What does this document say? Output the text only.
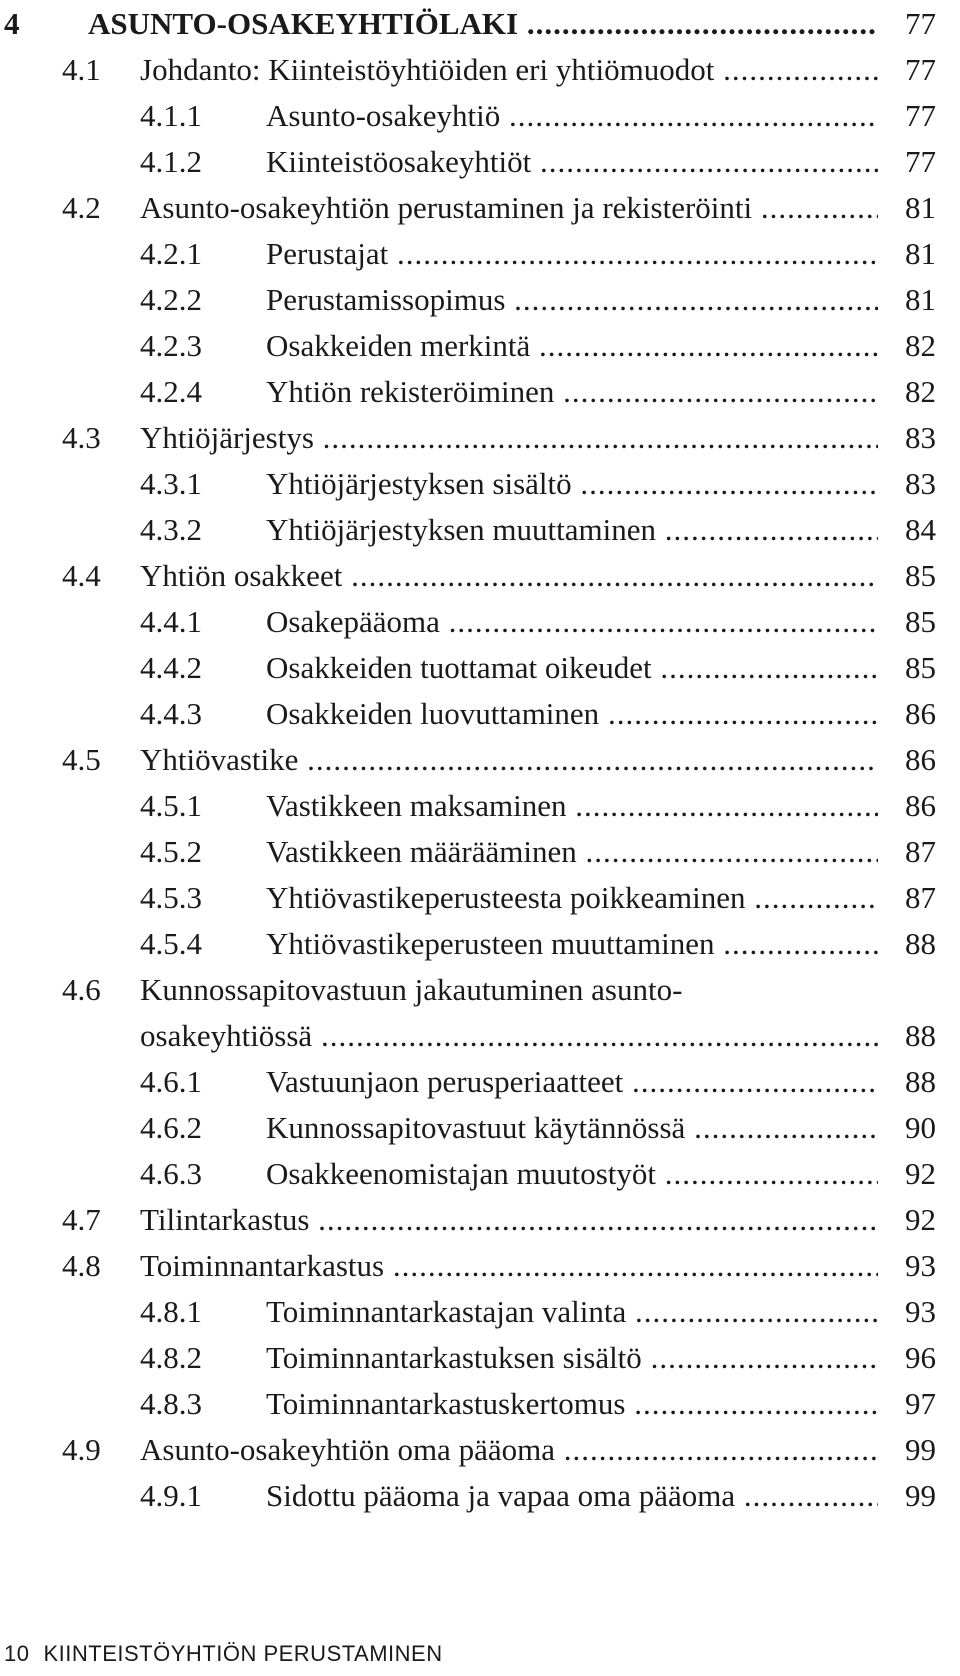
4 ASUNTO-OSAKEYHTIÖLAKI .....	77
4.1 Johdanto: Kiinteistöyhtiöiden eri yhtiömuodot .....	77
4.1.1 Asunto-osakeyhtiö .....	77
4.1.2 Kiinteistöosakeyhtiöt .....	77
4.2 Asunto-osakeyhtiön perustaminen ja rekisteröinti .....	81
4.2.1 Perustajat .....	81
4.2.2 Perustamissopimus .....	81
4.2.3 Osakkeiden merkintä .....	82
4.2.4 Yhtiön rekisteröiminen .....	82
4.3 Yhtiöjärjestys .....	83
4.3.1 Yhtiöjärjestyksen sisältö .....	83
4.3.2 Yhtiöjärjestyksen muuttaminen .....	84
4.4 Yhtiön osakkeet .....	85
4.4.1 Osakepääoma .....	85
4.4.2 Osakkeiden tuottamat oikeudet .....	85
4.4.3 Osakkeiden luovuttaminen .....	86
4.5 Yhtiövastike .....	86
4.5.1 Vastikkeen maksaminen .....	86
4.5.2 Vastikkeen määrääminen .....	87
4.5.3 Yhtiövastikeperusteesta poikkeaminen .....	87
4.5.4 Yhtiövastikeperusteen muuttaminen .....	88
4.6 Kunnossapitovastuun jakautuminen asunto-
osakeyhtiössä .....	88
4.6.1 Vastuunjaon perusperiaatteet .....	88
4.6.2 Kunnossapitovastuut käytännössä .....	90
4.6.3 Osakkeenomistajan muutostyöt .....	92
4.7 Tilintarkastus .....	92
4.8 Toiminnantarkastus .....	93
4.8.1 Toiminnantarkastajan valinta .....	93
4.8.2 Toiminnantarkastuksen sisältö .....	96
4.8.3 Toiminnantarkastuskertomus .....	97
4.9 Asunto-osakeyhtiön oma pääoma .....	99
4.9.1 Sidottu pääoma ja vapaa oma pääoma .....	99
10 KIINTEISTÖYHTIÖN PERUSTAMINEN
